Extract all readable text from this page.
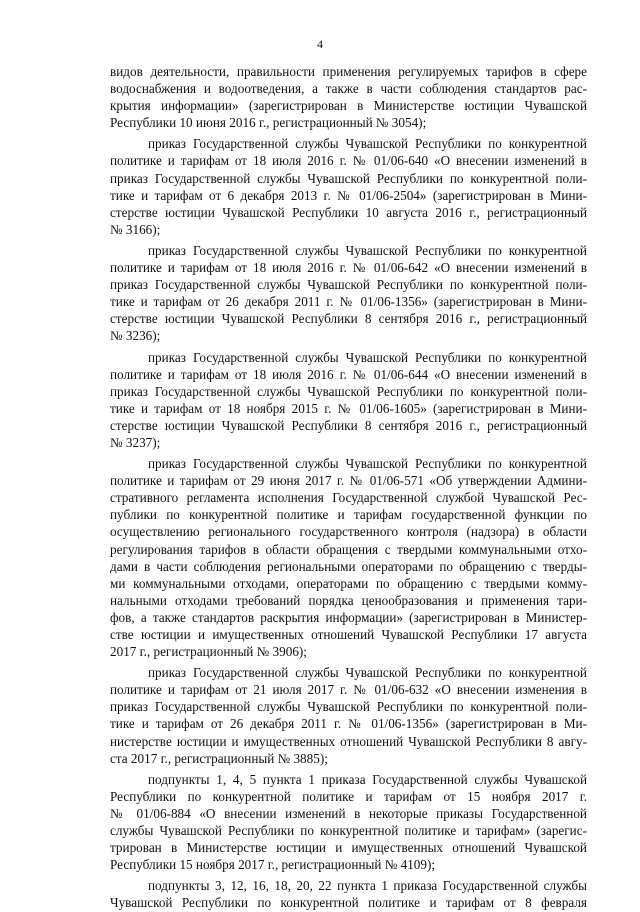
4

видов деятельности, правильности применения регулируемых тарифов в сфере
водоснабжения и водоотведения, а также в части соблюдения стандартов рас-
крытия информации» (зарегистрирован в Министерстве юстиции Чувашской
Республики 10 июня 2016 г., регистрационный № 3054);

приказ Государственной службы Чувашской Республики по конкурентной
политике и тарифам от 18 июля 2016 г. № 01/06-640 «О внесении изменений в
приказ Государственной службы Чувашской Республики по конкурентной поли-
тике и тарифам от 6 декабря 2013 г. № 01/06-2504» (зарегистрирован в Мини-
стерстве юстиции Чувашской Республики 10 августа 2016 г., регистрационный
№ 3166);

приказ Государственной службы Чувашской Республики по конкурентной
политике и тарифам от 18 июля 2016 г. № 01/06-642 «О внесении изменений в
приказ Государственной службы Чувашской Республики по конкурентной поли-
тике и тарифам от 26 декабря 2011 г. № 01/06-1356» (зарегистрирован в Мини-
стерстве юстиции Чувашской Республики 8 сентября 2016 г., регистрационный
№ 3236);

приказ Государственной службы Чувашской Республики по конкурентной
политике и тарифам от 18 июля 2016 г. № 01/06-644 «О внесении изменений в
приказ Государственной службы Чувашской Республики по конкурентной поли-
тике и тарифам от 18 ноября 2015 г. № 01/06-1605» (зарегистрирован в Мини-
стерстве юстиции Чувашской Республики 8 сентября 2016 г., регистрационный
№ 3237);

приказ Государственной службы Чувашской Республики по конкурентной
политике и тарифам от 29 июня 2017 г. № 01/06-571 «Об утверждении Админи-
стративного регламента исполнения Государственной службой Чувашской Рес-
публики по конкурентной политике и тарифам государственной функции по
осуществлению регионального государственного контроля (надзора) в области
регулирования тарифов в области обращения с твердыми коммунальными отхо-
дами в части соблюдения региональными операторами по обращению с тверды-
ми коммунальными отходами, операторами по обращению с твердыми комму-
нальными отходами требований порядка ценообразования и применения тари-
фов, а также стандартов раскрытия информации» (зарегистрирован в Министер-
стве юстиции и имущественных отношений Чувашской Республики 17 августа
2017 г., регистрационный № 3906);

приказ Государственной службы Чувашской Республики по конкурентной
политике и тарифам от 21 июля 2017 г. № 01/06-632 «О внесении изменения в
приказ Государственной службы Чувашской Республики по конкурентной поли-
тике и тарифам от 26 декабря 2011 г. № 01/06-1356» (зарегистрирован в Ми-
нистерстве юстиции и имущественных отношений Чувашской Республики 8 авгу-
ста 2017 г., регистрационный № 3885);

подпункты 1, 4, 5 пункта 1 приказа Государственной службы Чувашской
Республики по конкурентной политике и тарифам от 15 ноября 2017 г.
№ 01/06-884 «О внесении изменений в некоторые приказы Государственной
службы Чувашской Республики по конкурентной политике и тарифам» (зарегис-
трирован в Министерстве юстиции и имущественных отношений Чувашской
Республики 15 ноября 2017 г., регистрационный № 4109);

подпункты 3, 12, 16, 18, 20, 22 пункта 1 приказа Государственной службы
Чувашской Республики по конкурентной политике и тарифам от 8 февраля
